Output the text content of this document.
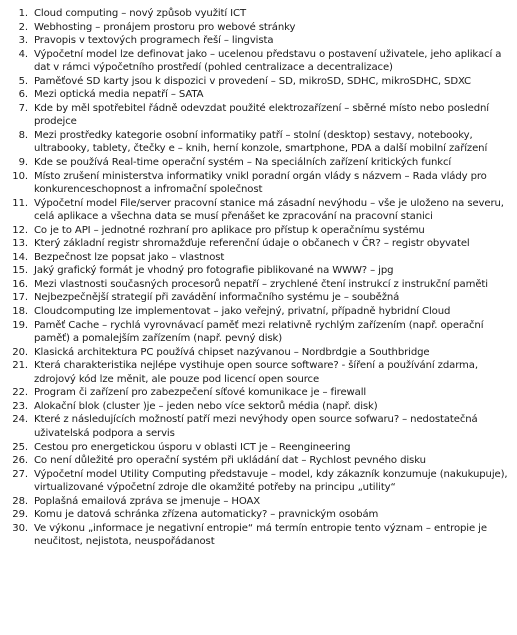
1. Cloud computing – nový způsob využití ICT
2. Webhosting – pronájem prostoru pro webové stránky
3. Pravopis v textových programech řeší – lingvista
4. Výpočetní model lze definovat jako – ucelenou představu o postavení uživatele, jeho aplikací a dat v rámci výpočetního prostředí (pohled centralizace a decentralizace)
5. Paměťové SD karty jsou k dispozici v provedení – SD, mikroSD, SDHC, mikroSDHC, SDXC
6. Mezi optická media nepatří – SATA
7. Kde by měl spotřebitel řádně odevzdat použité elektrozařízení – sběrné místo nebo poslední prodejce
8. Mezi prostředky kategorie osobní informatiky patří – stolní (desktop) sestavy, notebooky, ultrabooky, tablety, čtečky e – knih, herní konzole, smartphone, PDA a další mobilní zařízení
9. Kde se používá Real-time operační systém – Na speciálních zařízení kritických funkcí
10. Místo zrušení ministerstva informatiky vnikl poradní orgán vlády s názvem – Rada vlády pro konkurenceschopnost a infromační společnost
11. Výpočetní model File/server pracovní stanice má zásadní nevýhodu – vše je uloženo na severu, celá aplikace a všechna data se musí přenášet ke zpracování na pracovní stanici
12. Co je to API – jednotné rozhraní pro aplikace pro přístup k operačnímu systému
13. Který základní registr shromažďuje referenční údaje o občanech v ČR? – registr obyvatel
14. Bezpečnost lze popsat jako – vlastnost
15. Jaký grafický formát je vhodný pro fotografie piblikované na WWW? – jpg
16. Mezi vlastnosti současných procesorů nepatří – zrychlené čtení instrukcí z instrukční paměti
17. Nejbezpečnější strategií při zavádění informačního systému je – souběžná
18. Cloudcomputing lze implementovat – jako veřejný, privatní, případně hybridní Cloud
19. Paměť Cache – rychlá vyrovnávací paměť mezi relativně rychlým zařízením (např. operační paměť) a pomalejším zařízením (např. pevný disk)
20. Klasická architektura PC používá chipset nazývanou – Nordbrdgie a Southbridge
21. Která charakteristika nejlépe vystihuje open source software? - šíření a používání zdarma, zdrojový kód lze měnit, ale pouze pod licencí open source
22. Program či zařízení pro zabezpečení síťové komunikace je – firewall
23. Alokační blok (cluster )je – jeden nebo více sektorů média (např. disk)
24. Které z následujících možností patří mezi nevýhody open source sofwaru? – nedostatečná uživatelská podpora a servis
25. Cestou pro energetickou úsporu v oblasti ICT je – Reengineering
26. Co není důležité pro operační systém při ukládání dat – Rychlost pevného disku
27. Výpočetní model Utility Computing představuje – model, kdy zákazník konzumuje (nakukupuje), virtualizované výpočetní zdroje dle okamžité potřeby na principu „utility“
28. Poplašná emailová zpráva se jmenuje – HOAX
29. Komu je datová schránka zřízena automaticky? – pravnickým osobám
30. Ve výkonu „informace je negativní entropie“ má termín entropie tento význam – entropie je neučitost, nejistota, neuspořádanost
